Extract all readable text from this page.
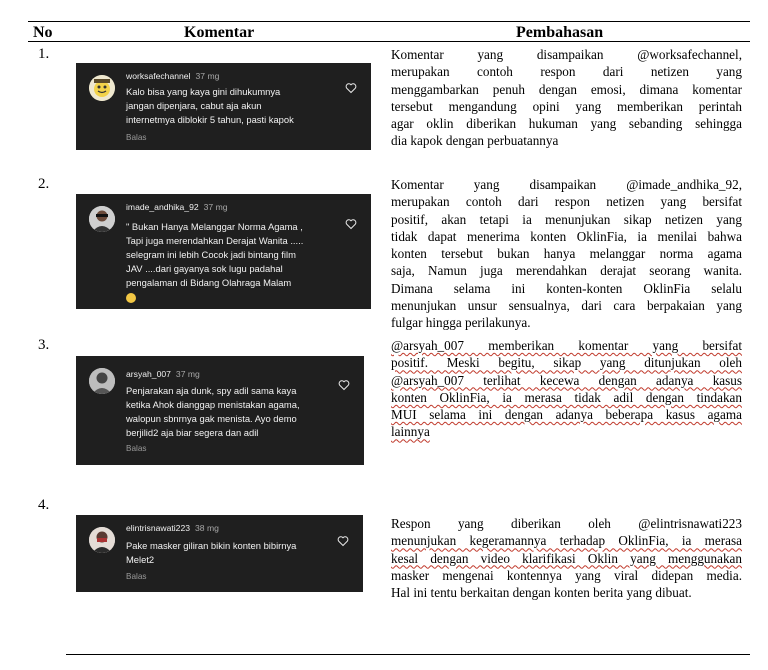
No	Komentar	Pembahasan
1.
2.
3.
4.
worksafechannel 37 mg
Kalo bisa yang kaya gini dihukumnya
jangan dipenjara, cabut aja akun
internetmya diblokir 5 tahun, pasti kapok
Balas
imade_andhika_92 37 mg
" Bukan Hanya Melanggar Norma Agama ,
Tapi juga merendahkan Derajat Wanita .....
selegram ini lebih Cocok jadi bintang film
JAV ....dari gayanya sok lugu padahal
pengalaman di Bidang Olahraga Malam
arsyah_007 37 mg
Penjarakan aja dunk, spy adil sama kaya
ketika Ahok dianggap menistakan agama,
walopun sbnrnya gak menista. Ayo demo
berjilid2 aja biar segera dan adil
Balas
elintrisnawati223 38 mg
Pake masker giliran bikin konten bibirnya
Melet2
Balas
Komentar yang disampaikan @worksafechannel,
merupakan contoh respon dari netizen yang
menggambarkan penuh dengan emosi, dimana komentar
tersebut mengandung opini yang memberikan perintah
agar oklin diberikan hukuman yang sebanding sehingga
dia kapok dengan perbuatannya
Komentar yang disampaikan @imade_andhika_92,
merupakan contoh dari respon netizen yang bersifat
positif, akan tetapi ia menunjukan sikap netizen yang
tidak dapat menerima konten OklinFia, ia menilai bahwa
konten tersebut bukan hanya melanggar norma agama
saja, Namun juga merendahkan derajat seorang wanita.
Dimana selama ini konten-konten OklinFia selalu
menunjukan unsur sensualnya, dari cara berpakaian yang
fulgar hingga perilakunya.
@arsyah_007 memberikan komentar yang bersifat
positif. Meski begitu, sikap yang ditunjukan oleh
@arsyah_007 terlihat kecewa dengan adanya kasus
konten OklinFia, ia merasa tidak adil dengan tindakan
MUI selama ini dengan adanya beberapa kasus agama
lainnya
Respon yang diberikan oleh @elintrisnawati223
menunjukan kegeramannya terhadap OklinFia, ia merasa
kesal dengan video klarifikasi Oklin yang menggunakan
masker mengenai kontennya yang viral didepan media.
Hal ini tentu berkaitan dengan konten berita yang dibuat.
